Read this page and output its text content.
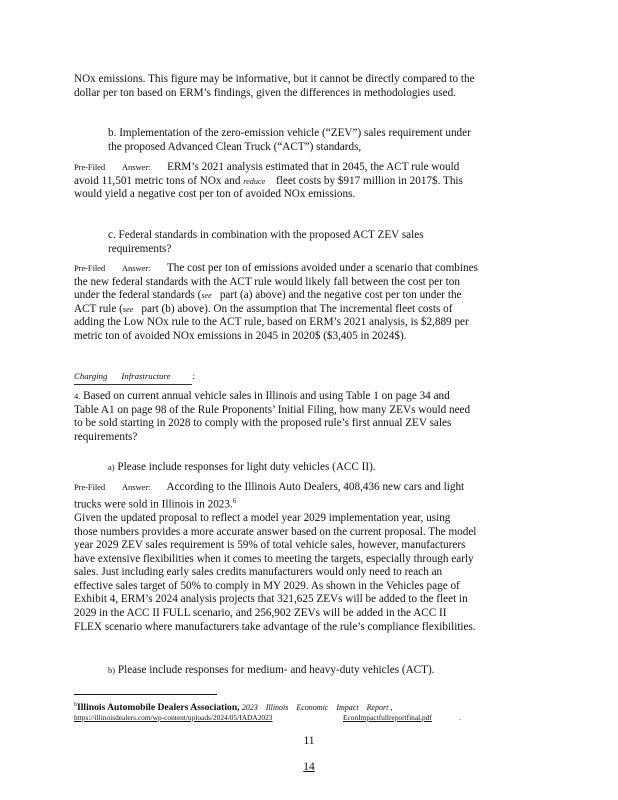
NOx emissions. This figure may be informative, but it cannot be directly compared to the
dollar per ton based on ERM’s findings, given the differences in methodologies used.
b. Implementation of the zero-emission vehicle (“ZEV”) sales requirement under
the proposed Advanced Clean Truck (“ACT”) standards,
Pre-Filed Answer: ERM’s 2021 analysis estimated that in 2045, the ACT rule would
avoid 11,501 metric tons of NOx and reduce fleet costs by $917 million in 2017$. This
would yield a negative cost per ton of avoided NOx emissions.
c. Federal standards in combination with the proposed ACT ZEV sales
requirements?
Pre-Filed Answer: The cost per ton of emissions avoided under a scenario that combines
the new federal standards with the ACT rule would likely fall between the cost per ton
under the federal standards (see part (a) above) and the negative cost per ton under the
ACT rule (see part (b) above). On the assumption that The incremental fleet costs of
adding the Low NOx rule to the ACT rule, based on ERM’s 2021 analysis, is $2,889 per
metric ton of avoided NOx emissions in 2045 in 2020$ ($3,405 in 2024$).
Charging Infrastructure :
4. Based on current annual vehicle sales in Illinois and using Table 1 on page 34 and
Table A1 on page 98 of the Rule Proponents’ Initial Filing, how many ZEVs would need
to be sold starting in 2028 to comply with the proposed rule’s first annual ZEV sales
requirements?
a) Please include responses for light duty vehicles (ACC II).
Pre-Filed Answer: According to the Illinois Auto Dealers, 408,436 new cars and light
trucks were sold in Illinois in 2023.$^6$
Given the updated proposal to reflect a model year 2029 implementation year, using
those numbers provides a more accurate answer based on the current proposal. The model
year 2029 ZEV sales requirement is 59% of total vehicle sales, however, manufacturers
have extensive flexibilities when it comes to meeting the targets, especially through early
sales. Just including early sales credits manufacturers would only need to reach an
effective sales target of 50% to comply in MY 2029. As shown in the Vehicles page of
Exhibit 4, ERM’s 2024 analysis projects that 321,625 ZEVs will be added to the fleet in
2029 in the ACC II FULL scenario, and 256,902 ZEVs will be added in the ACC II
FLEX scenario where manufacturers take advantage of the rule’s compliance flexibilities.
b) Please include responses for medium- and heavy-duty vehicles (ACT).
$^6$Illinois Automobile Dealers Association, 2023 Illinois Economic Impact Report ,
https://illinoisdealers.com/wp-content/uploads/2024/05/IADA2023	EconImpactfullreportfinal.pdf	.
11
14
